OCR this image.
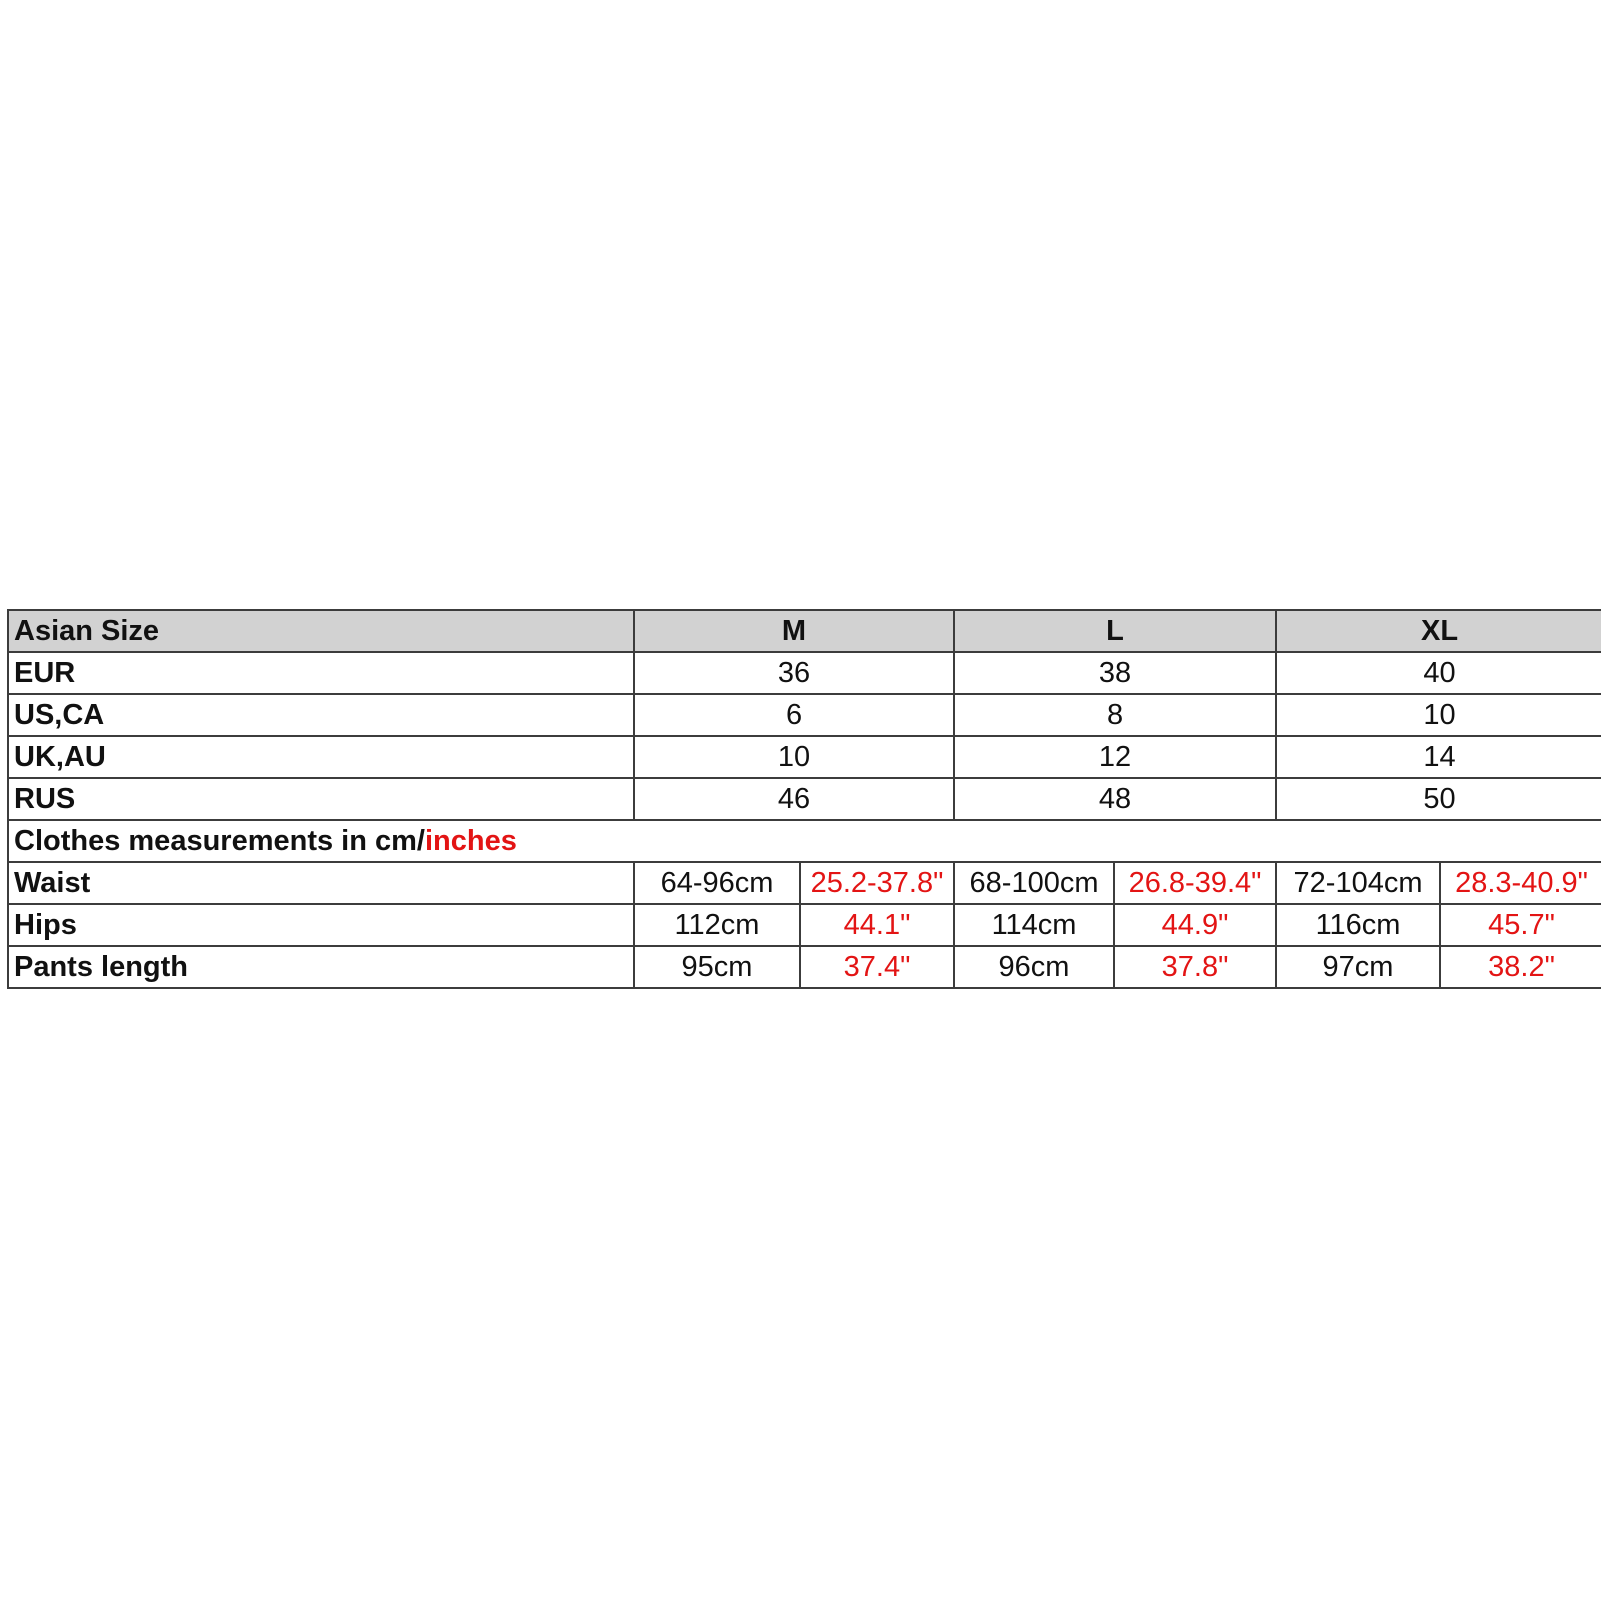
Asian Size	M		L		XL	
EUR	36		38		40	
US,CA	6		8		10	
UK,AU	10		12		14	
RUS	46		48		50	
Clothes measurements in cm/inches						
Waist	64-96cm	25.2-37.8"	68-100cm	26.8-39.4"	72-104cm	28.3-40.9"
Hips	112cm	44.1"	114cm	44.9"	116cm	45.7"
Pants length	95cm	37.4"	96cm	37.8"	97cm	38.2"
